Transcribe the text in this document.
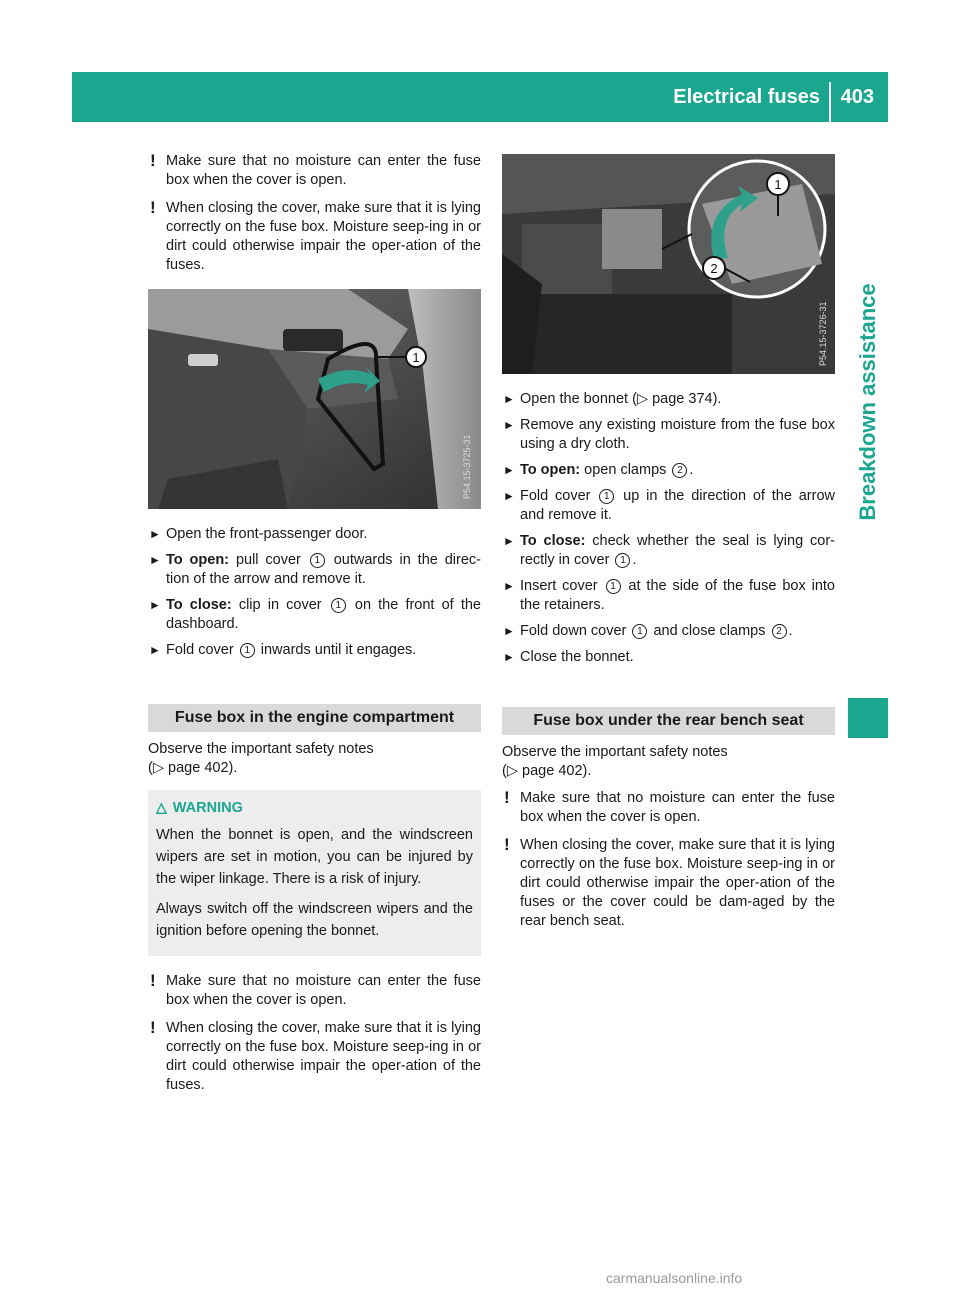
Electrical fuses 403
Breakdown assistance
! Make sure that no moisture can enter the fuse box when the cover is open.
! When closing the cover, make sure that it is lying correctly on the fuse box. Moisture seep-ing in or dirt could otherwise impair the oper-ation of the fuses.
1
P54.15-3725-31
► Open the front-passenger door.
► To open: pull cover 1 outwards in the direc-tion of the arrow and remove it.
► To close: clip in cover 1 on the front of the dashboard.
► Fold cover 1 inwards until it engages.
Fuse box in the engine compartment
Observe the important safety notes
(▷ page 402).
△ WARNING

When the bonnet is open, and the windscreen wipers are set in motion, you can be injured by the wiper linkage. There is a risk of injury.

Always switch off the windscreen wipers and the ignition before opening the bonnet.

! Make sure that no moisture can enter the fuse box when the cover is open.
! When closing the cover, make sure that it is lying correctly on the fuse box. Moisture seep-ing in or dirt could otherwise impair the oper-ation of the fuses.
1
2
P54.15-3726-31
► Open the bonnet (▷ page 374).
► Remove any existing moisture from the fuse box using a dry cloth.
► To open: open clamps 2 .
► Fold cover 1 up in the direction of the arrow and remove it.
► To close: check whether the seal is lying cor-rectly in cover 1 .
► Insert cover 1 at the side of the fuse box into the retainers.
► Fold down cover 1 and close clamps 2 .
► Close the bonnet.
Fuse box under the rear bench seat
Observe the important safety notes
(▷ page 402).
! Make sure that no moisture can enter the fuse box when the cover is open.
! When closing the cover, make sure that it is lying correctly on the fuse box. Moisture seep-ing in or dirt could otherwise impair the oper-ation of the fuses or the cover could be dam-aged by the rear bench seat.
carmanualsonline.info
